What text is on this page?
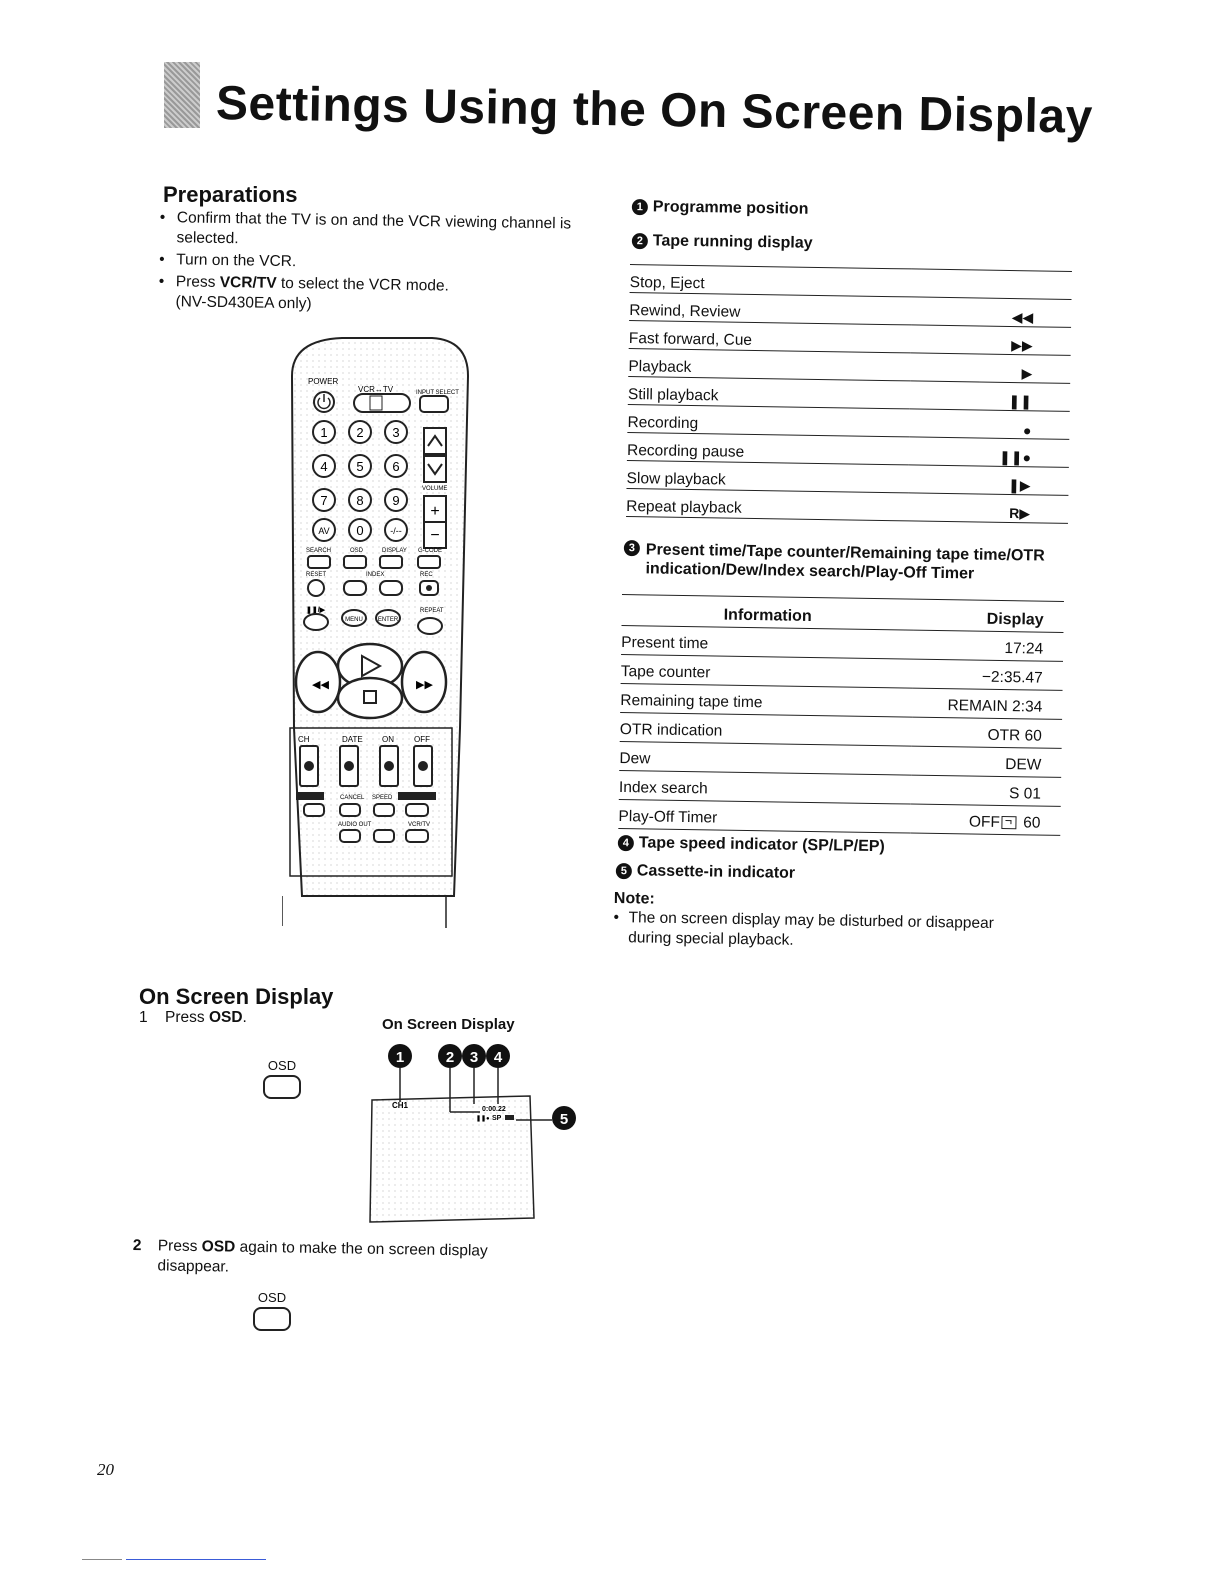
Settings Using the On Screen Display
Preparations
• Confirm that the TV is on and the VCR viewing channel is selected.
• Turn on the VCR.
• Press VCR/TV to select the VCR mode.
(NV-SD430EA only)
POWER
VCR↔TV	INPUT SELECT
1 2 3
4 5 6
7 8 9
AV 0	-/--
VOLUME
+
−
SEARCH	OSD	DISPLAY G-CODE
RESET	INDEX	REC
❚❚/▶	REPEAT
MENU ENTER
◀◀	▶▶
CH	DATE ON	OFF
CANCEL SPEED
AUDIO OUT	VCR/TV
1 Programme position
2 Tape running display
Stop, Eject	
Rewind, Review	◀◀
Fast forward, Cue	▶▶
Playback	▶
Still playback	❚❚
Recording	●
Recording pause	❚❚●
Slow playback	❚▶
Repeat playback	R▶
3 Present time/Tape counter/Remaining tape time/OTR indication/Dew/Index search/Play-Off Timer
Information	Display
Present time	17:24
Tape counter	−2:35.47
Remaining tape time	REMAIN 2:34
OTR indication	OTR 60
Dew	DEW
Index search	S 01
Play-Off Timer	OFF 60
4 Tape speed indicator (SP/LP/EP)
5 Cassette-in indicator
Note:
• The on screen display may be disturbed or disappear during special playback.
On Screen Display
1	Press OSD.
OSD
On Screen Display
1	2 3 4
5
CH1	0:00.22
❚❚● SP
2 Press OSD again to make the on screen display disappear.
OSD
20
